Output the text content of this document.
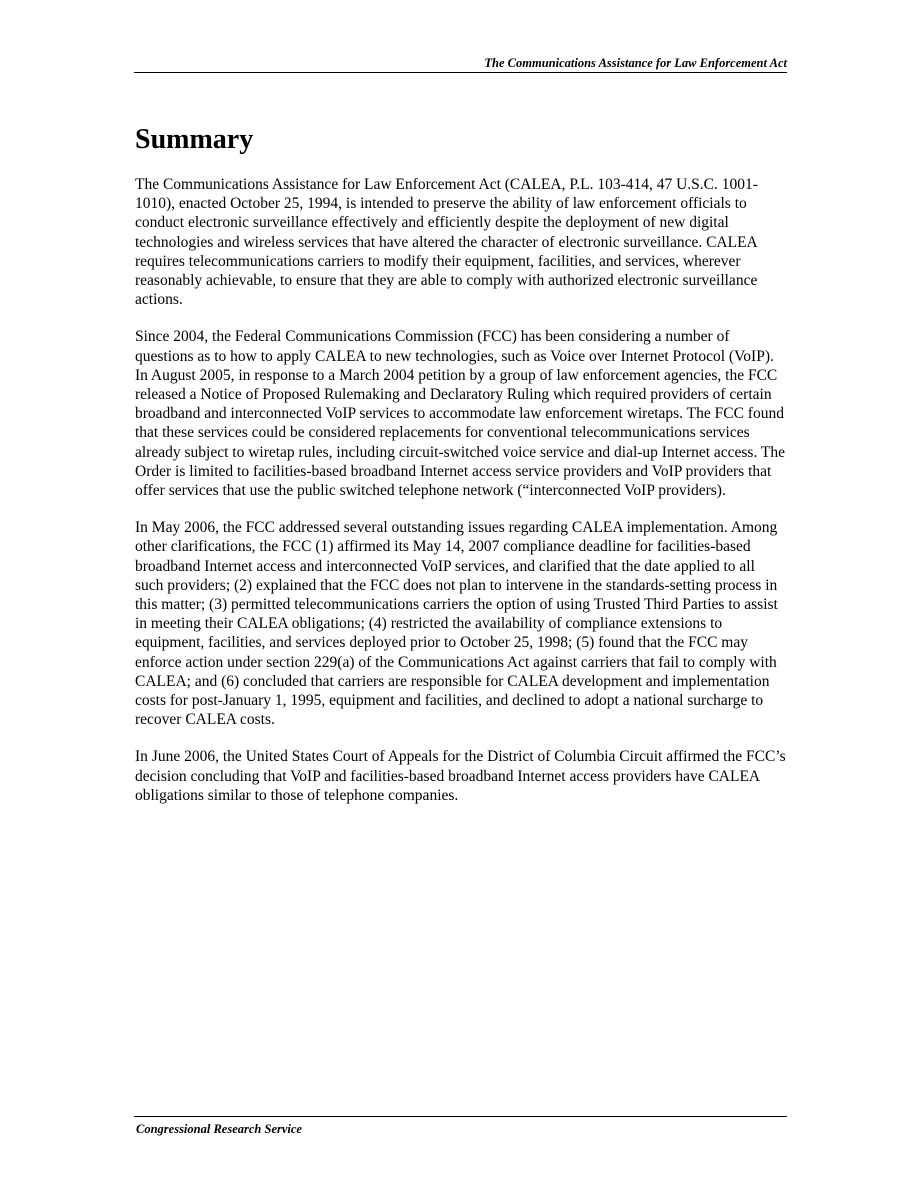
The Communications Assistance for Law Enforcement Act
Summary

The Communications Assistance for Law Enforcement Act (CALEA, P.L. 103-414, 47 U.S.C. 1001-1010), enacted October 25, 1994, is intended to preserve the ability of law enforcement officials to conduct electronic surveillance effectively and efficiently despite the deployment of new digital technologies and wireless services that have altered the character of electronic surveillance. CALEA requires telecommunications carriers to modify their equipment, facilities, and services, wherever reasonably achievable, to ensure that they are able to comply with authorized electronic surveillance actions.

Since 2004, the Federal Communications Commission (FCC) has been considering a number of questions as to how to apply CALEA to new technologies, such as Voice over Internet Protocol (VoIP). In August 2005, in response to a March 2004 petition by a group of law enforcement agencies, the FCC released a Notice of Proposed Rulemaking and Declaratory Ruling which required providers of certain broadband and interconnected VoIP services to accommodate law enforcement wiretaps. The FCC found that these services could be considered replacements for conventional telecommunications services already subject to wiretap rules, including circuit-switched voice service and dial-up Internet access. The Order is limited to facilities-based broadband Internet access service providers and VoIP providers that offer services that use the public switched telephone network (“interconnected VoIP providers).

In May 2006, the FCC addressed several outstanding issues regarding CALEA implementation. Among other clarifications, the FCC (1) affirmed its May 14, 2007 compliance deadline for facilities-based broadband Internet access and interconnected VoIP services, and clarified that the date applied to all such providers; (2) explained that the FCC does not plan to intervene in the standards-setting process in this matter; (3) permitted telecommunications carriers the option of using Trusted Third Parties to assist in meeting their CALEA obligations; (4) restricted the availability of compliance extensions to equipment, facilities, and services deployed prior to October 25, 1998; (5) found that the FCC may enforce action under section 229(a) of the Communications Act against carriers that fail to comply with CALEA; and (6) concluded that carriers are responsible for CALEA development and implementation costs for post-January 1, 1995, equipment and facilities, and declined to adopt a national surcharge to recover CALEA costs.

In June 2006, the United States Court of Appeals for the District of Columbia Circuit affirmed the FCC’s decision concluding that VoIP and facilities-based broadband Internet access providers have CALEA obligations similar to those of telephone companies.

Congressional Research Service
